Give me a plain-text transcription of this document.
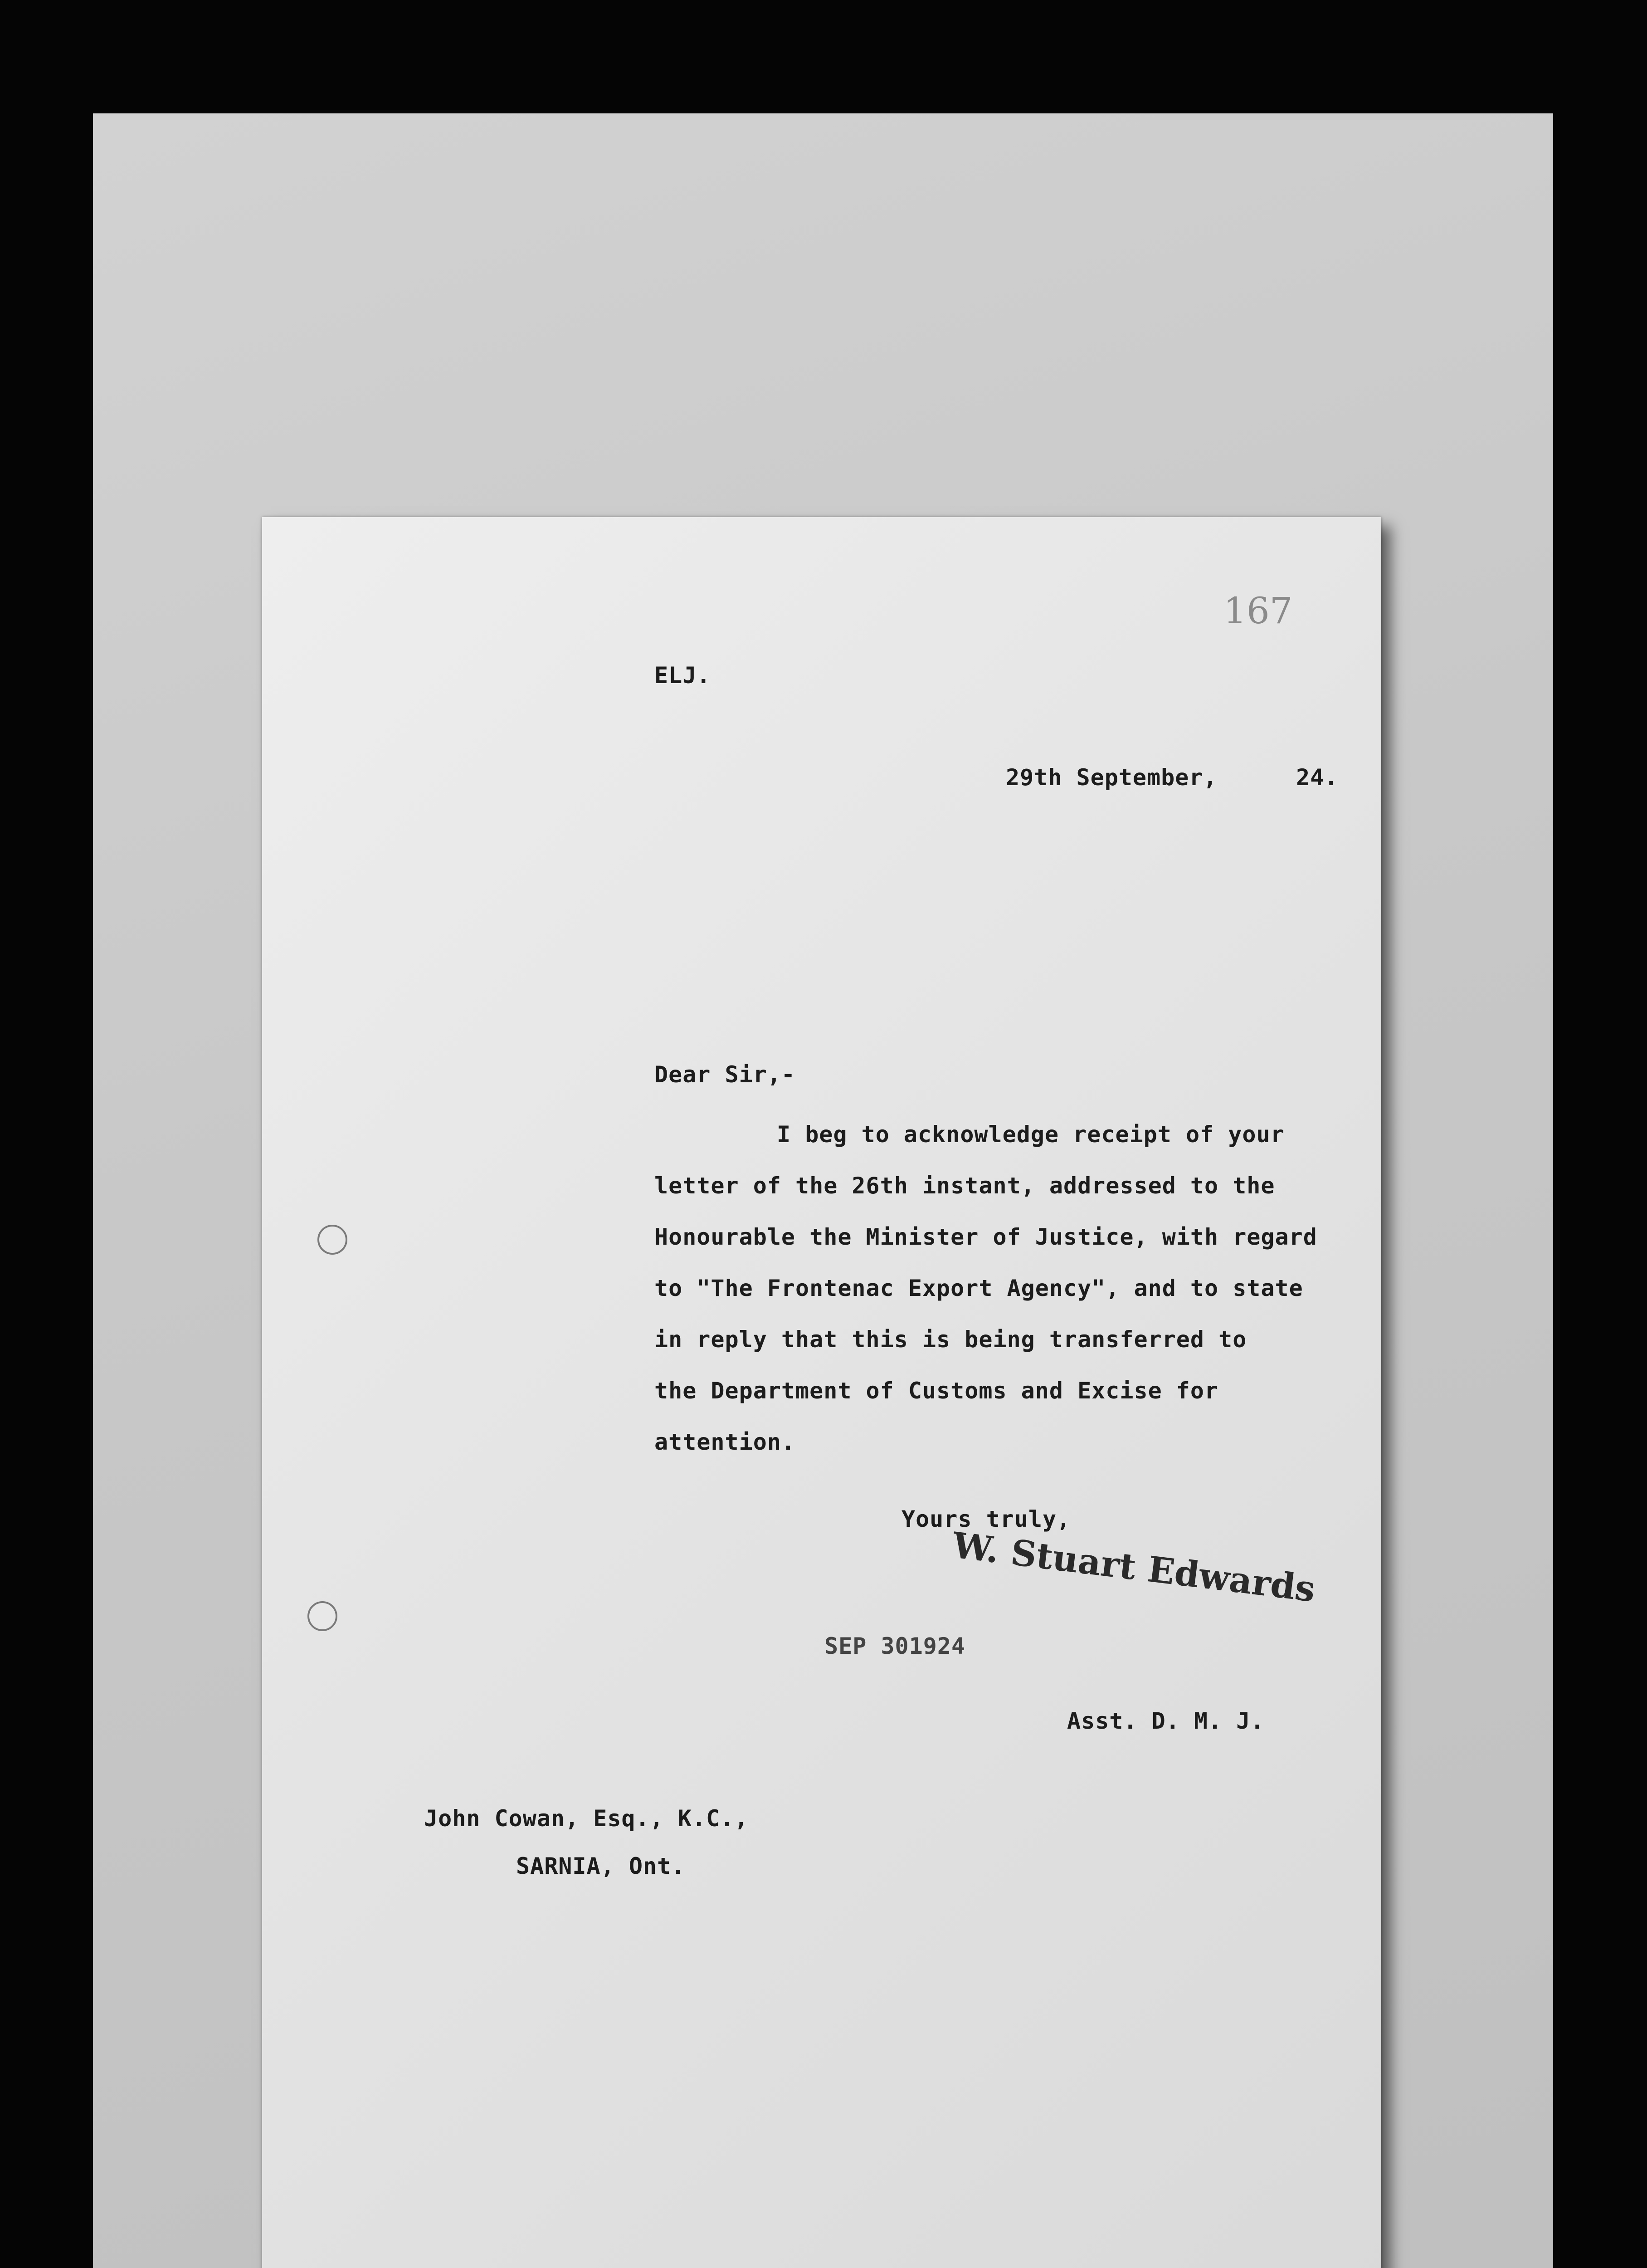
167
ELJ.
29th September,	24.
Dear Sir,-
I beg to acknowledge receipt of your
letter of the 26th instant, addressed to the
Honourable the Minister of Justice, with regard
to "The Frontenac Export Agency", and to state
in reply that this is being transferred to
the Department of Customs and Excise for
attention.
Yours truly,
W. Stuart Edwards
SEP 301924
Asst. D. M. J.
John Cowan, Esq., K.C.,
SARNIA, Ont.
